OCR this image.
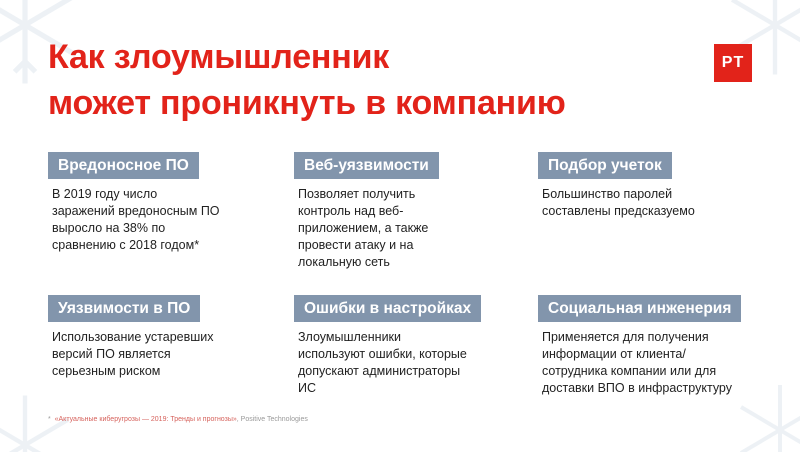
Как злоумышленник
может проникнуть в компанию
PT
Вредоносное ПО
В 2019 году число
заражений вредоносным ПО
выросло на 38% по
сравнению с 2018 годом*
Веб-уязвимости
Позволяет получить
контроль над веб-
приложением, а также
провести атаку и на
локальную сеть
Подбор учеток
Большинство паролей
составлены предсказуемо
Уязвимости в ПО
Использование устаревших
версий ПО является
серьезным риском
Ошибки в настройках
Злоумышленники
используют ошибки, которые
допускают администраторы
ИС
Социальная инженерия
Применяется для получения
информации от клиента/
сотрудника компании или для
доставки ВПО в инфраструктуру
* «Актуальные киберугрозы — 2019: Тренды и прогнозы», Positive Technologies
